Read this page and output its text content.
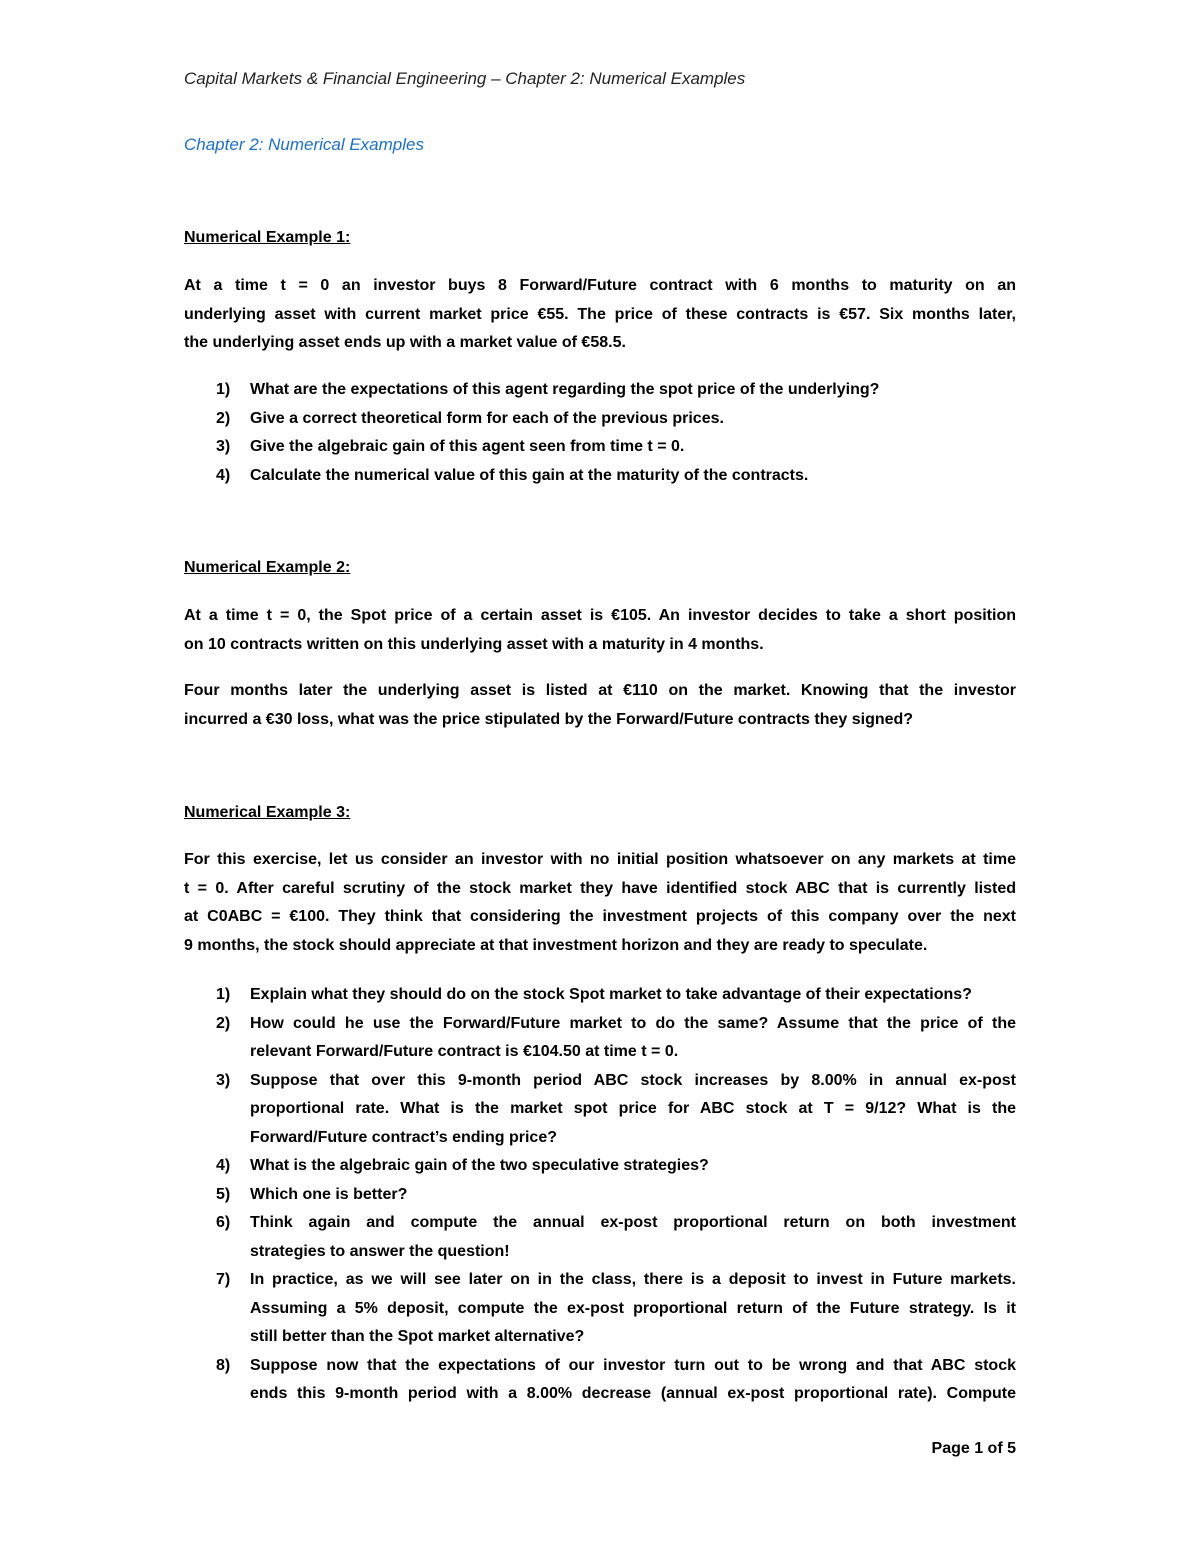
Capital Markets & Financial Engineering – Chapter 2: Numerical Examples
Chapter 2: Numerical Examples
Numerical Example 1:
At a time t = 0 an investor buys 8 Forward/Future contract with 6 months to maturity on an
underlying asset with current market price €55. The price of these contracts is €57. Six months later,
the underlying asset ends up with a market value of €58.5.
1)	What are the expectations of this agent regarding the spot price of the underlying?
2)	Give a correct theoretical form for each of the previous prices.
3)	Give the algebraic gain of this agent seen from time t = 0.
4)	Calculate the numerical value of this gain at the maturity of the contracts.
Numerical Example 2:
At a time t = 0, the Spot price of a certain asset is €105. An investor decides to take a short position
on 10 contracts written on this underlying asset with a maturity in 4 months.
Four months later the underlying asset is listed at €110 on the market. Knowing that the investor
incurred a €30 loss, what was the price stipulated by the Forward/Future contracts they signed?
Numerical Example 3:
For this exercise, let us consider an investor with no initial position whatsoever on any markets at time
t = 0. After careful scrutiny of the stock market they have identified stock ABC that is currently listed
at C0ABC = €100. They think that considering the investment projects of this company over the next
9 months, the stock should appreciate at that investment horizon and they are ready to speculate.
1)	Explain what they should do on the stock Spot market to take advantage of their expectations?
2)	How could he use the Forward/Future market to do the same? Assume that the price of the
relevant Forward/Future contract is €104.50 at time t = 0.
3)	Suppose that over this 9-month period ABC stock increases by 8.00% in annual ex-post
proportional rate. What is the market spot price for ABC stock at T = 9/12? What is the
Forward/Future contract’s ending price?
4)	What is the algebraic gain of the two speculative strategies?
5)	Which one is better?
6)	Think again and compute the annual ex-post proportional return on both investment
strategies to answer the question!
7)	In practice, as we will see later on in the class, there is a deposit to invest in Future markets.
Assuming a 5% deposit, compute the ex-post proportional return of the Future strategy. Is it
still better than the Spot market alternative?
8)	Suppose now that the expectations of our investor turn out to be wrong and that ABC stock
ends this 9-month period with a 8.00% decrease (annual ex-post proportional rate). Compute
Page 1 of 5
